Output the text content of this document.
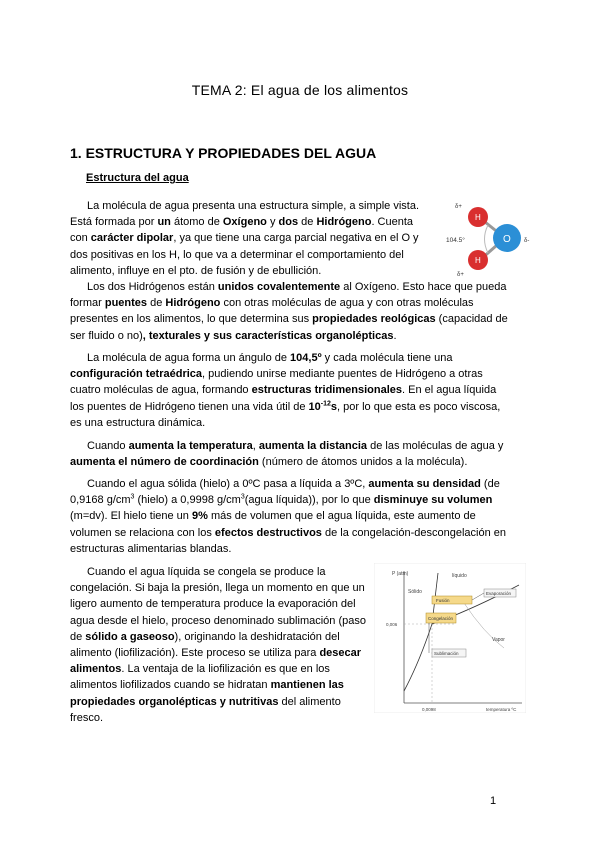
TEMA 2: El agua de los alimentos
1. ESTRUCTURA Y PROPIEDADES DEL AGUA
Estructura del agua
La molécula de agua presenta una estructura simple, a simple vista. Está formada por un átomo de Oxígeno y dos de Hidrógeno. Cuenta con carácter dipolar, ya que tiene una carga parcial negativa en el O y dos positivas en los H, lo que va a determinar el comportamiento del alimento, influye en el pto. de fusión y de ebullición.
H
O
H
104.5°
δ+
δ+
δ-
Los dos Hidrógenos están unidos covalentemente al Oxígeno. Esto hace que pueda formar puentes de Hidrógeno con otras moléculas de agua y con otras moléculas presentes en los alimentos, lo que determina sus propiedades reológicas (capacidad de ser fluido o no), texturales y sus características organolépticas.
La molécula de agua forma un ángulo de 104,5º y cada molécula tiene una configuración tetraédrica, pudiendo unirse mediante puentes de Hidrógeno a otras cuatro moléculas de agua, formando estructuras tridimensionales. En el agua líquida los puentes de Hidrógeno tienen una vida útil de $10^{-12}s$, por lo que esta es poco viscosa, es una estructura dinámica.
Cuando aumenta la temperatura, aumenta la distancia de las moléculas de agua y aumenta el número de coordinación (número de átomos unidos a la molécula).
Cuando el agua sólida (hielo) a 0ºC pasa a líquida a 3ºC, aumenta su densidad (de 0,9168 $g/cm^3$ (hielo) a 0,9998 $g/cm^3(agua$ líquida)), por lo que disminuye su volumen (m=dv). El hielo tiene un 9% más de volumen que el agua líquida, este aumento de volumen se relaciona con los efectos destructivos de la congelación-descongelación en estructuras alimentarias blandas.
Cuando el agua líquida se congela se produce la congelación. Si baja la presión, llega un momento en que un ligero aumento de temperatura produce la evaporación del agua desde el hielo, proceso denominado sublimación (paso de sólido a gaseoso), originando la deshidratación del alimento (liofilización). Este proceso se utiliza para desecar alimentos. La ventaja de la liofilización es que en los alimentos liofilizados cuando se hidratan mantienen las propiedades organolépticas y nutritivas del alimento fresco.
P (atm)
temperatura ºC
0,0098
0,006
líquido
Vapor
Sólido
Fusión
Evaporación
Congelación
Sublimación
1
